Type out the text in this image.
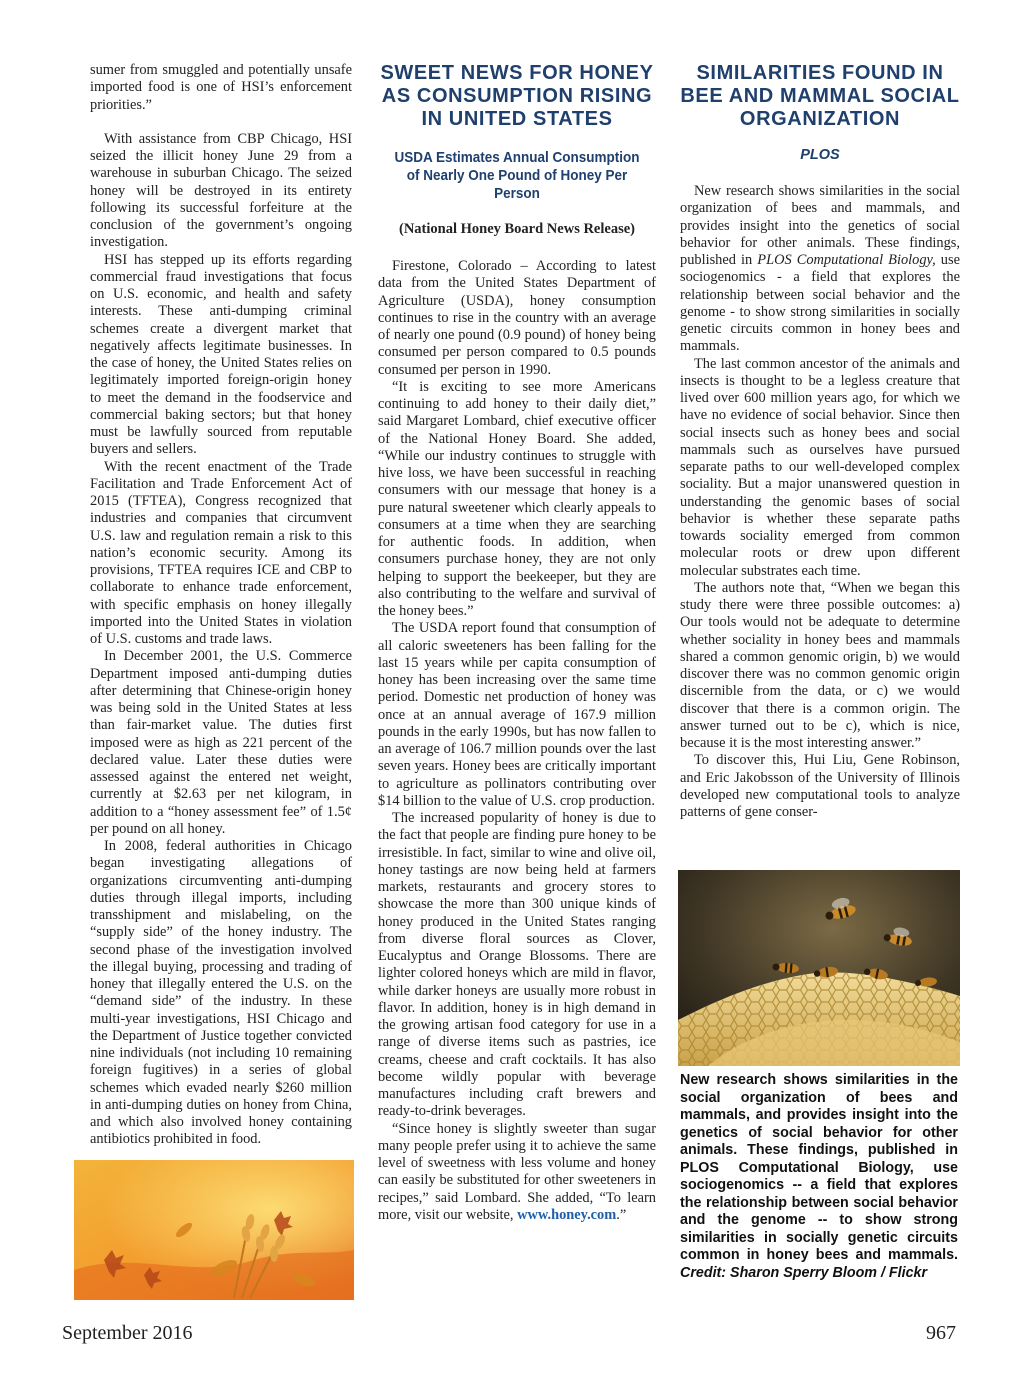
sumer from smuggled and potentially unsafe imported food is one of HSI’s enforcement priorities.”

With assistance from CBP Chicago, HSI seized the illicit honey June 29 from a warehouse in suburban Chicago. The seized honey will be destroyed in its entirety following its successful forfeiture at the conclusion of the government’s ongoing investigation.

HSI has stepped up its efforts regarding commercial fraud investigations that focus on U.S. economic, and health and safety interests. These anti-dumping criminal schemes create a divergent market that negatively affects legitimate businesses. In the case of honey, the United States relies on legitimately imported foreign-origin honey to meet the demand in the foodservice and commercial baking sectors; but that honey must be lawfully sourced from reputable buyers and sellers.

With the recent enactment of the Trade Facilitation and Trade Enforcement Act of 2015 (TFTEA), Congress recognized that industries and companies that circumvent U.S. law and regulation remain a risk to this nation’s economic security. Among its provisions, TFTEA requires ICE and CBP to collaborate to enhance trade enforcement, with specific emphasis on honey illegally imported into the United States in violation of U.S. customs and trade laws.

In December 2001, the U.S. Commerce Department imposed anti-dumping duties after determining that Chinese-origin honey was being sold in the United States at less than fair-market value. The duties first imposed were as high as 221 percent of the declared value. Later these duties were assessed against the entered net weight, currently at $2.63 per net kilogram, in addition to a “honey assessment fee” of 1.5¢ per pound on all honey.

In 2008, federal authorities in Chicago began investigating allegations of organizations circumventing anti-dumping duties through illegal imports, including transshipment and mislabeling, on the “supply side” of the honey industry. The second phase of the investigation involved the illegal buying, processing and trading of honey that illegally entered the U.S. on the “demand side” of the industry. In these multi-year investigations, HSI Chicago and the Department of Justice together convicted nine individuals (not including 10 remaining foreign fugitives) in a series of global schemes which evaded nearly $260 million in anti-dumping duties on honey from China, and which also involved honey containing antibiotics prohibited in food.

SWEET NEWS FOR HONEY AS CONSUMPTION RISING IN UNITED STATES
USDA Estimates Annual Consumption of Nearly One Pound of Honey Per Person
(National Honey Board News Release)

Firestone, Colorado – According to latest data from the United States Department of Agriculture (USDA), honey consumption continues to rise in the country with an average of nearly one pound (0.9 pound) of honey being consumed per person compared to 0.5 pounds consumed per person in 1990.

“It is exciting to see more Americans continuing to add honey to their daily diet,” said Margaret Lombard, chief executive officer of the National Honey Board. She added, “While our industry continues to struggle with hive loss, we have been successful in reaching consumers with our message that honey is a pure natural sweetener which clearly appeals to consumers at a time when they are searching for authentic foods. In addition, when consumers purchase honey, they are not only helping to support the beekeeper, but they are also contributing to the welfare and survival of the honey bees.”

The USDA report found that consumption of all caloric sweeteners has been falling for the last 15 years while per capita consumption of honey has been increasing over the same time period. Domestic net production of honey was once at an annual average of 167.9 million pounds in the early 1990s, but has now fallen to an average of 106.7 million pounds over the last seven years. Honey bees are critically important to agriculture as pollinators contributing over $14 billion to the value of U.S. crop production.

The increased popularity of honey is due to the fact that people are finding pure honey to be irresistible. In fact, similar to wine and olive oil, honey tastings are now being held at farmers markets, restaurants and grocery stores to showcase the more than 300 unique kinds of honey produced in the United States ranging from diverse floral sources as Clover, Eucalyptus and Orange Blossoms. There are lighter colored honeys which are mild in flavor, while darker honeys are usually more robust in flavor. In addition, honey is in high demand in the growing artisan food category for use in a range of diverse items such as pastries, ice creams, cheese and craft cocktails. It has also become wildly popular with beverage manufactures including craft brewers and ready-to-drink beverages.

“Since honey is slightly sweeter than sugar many people prefer using it to achieve the same level of sweetness with less volume and honey can easily be substituted for other sweeteners in recipes,” said Lombard. She added, “To learn more, visit our website, www.honey.com.”

SIMILARITIES FOUND IN BEE AND MAMMAL SOCIAL ORGANIZATION
PLOS

New research shows similarities in the social organization of bees and mammals, and provides insight into the genetics of social behavior for other animals. These findings, published in PLOS Computational Biology, use sociogenomics - a field that explores the relationship between social behavior and the genome - to show strong similarities in socially genetic circuits common in honey bees and mammals.

The last common ancestor of the animals and insects is thought to be a legless creature that lived over 600 million years ago, for which we have no evidence of social behavior. Since then social insects such as honey bees and social mammals such as ourselves have pursued separate paths to our well-developed complex sociality. But a major unanswered question in understanding the genomic bases of social behavior is whether these separate paths towards sociality emerged from common molecular roots or drew upon different molecular substrates each time.

The authors note that, “When we began this study there were three possible outcomes: a) Our tools would not be adequate to determine whether sociality in honey bees and mammals shared a common genomic origin, b) we would discover there was no common genomic origin discernible from the data, or c) we would discover that there is a common origin. The answer turned out to be c), which is nice, because it is the most interesting answer.”

To discover this, Hui Liu, Gene Robinson, and Eric Jakobsson of the University of Illinois developed new computational tools to analyze patterns of gene conser-

New research shows similarities in the social organization of bees and mammals, and provides insight into the genetics of social behavior for other animals. These findings, published in PLOS Computational Biology, use sociogenomics -- a field that explores the relationship between social behavior and the genome -- to show strong similarities in socially genetic circuits common in honey bees and mammals. Credit: Sharon Sperry Bloom / Flickr

September 2016	967
